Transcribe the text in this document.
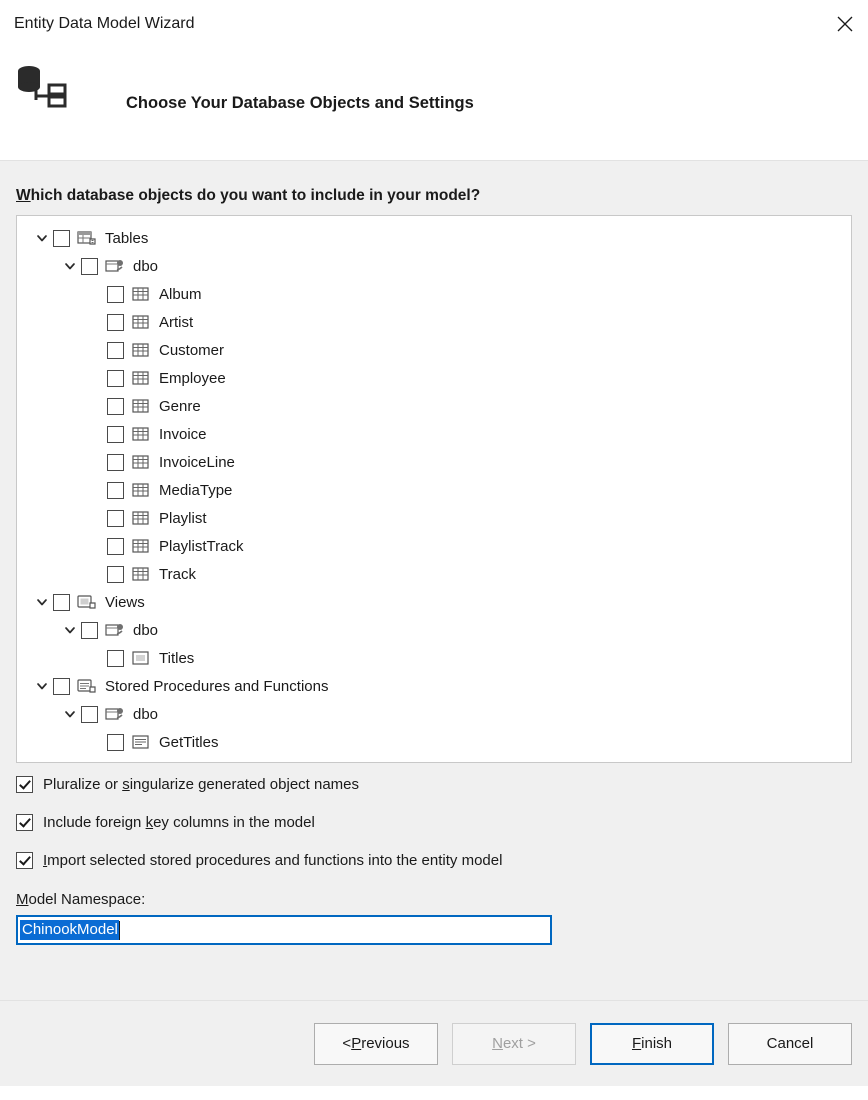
Entity Data Model Wizard
Choose Your Database Objects and Settings
Which database objects do you want to include in your model?
Tables
dbo
Album
Artist
Customer
Employee
Genre
Invoice
InvoiceLine
MediaType
Playlist
PlaylistTrack
Track
Views
dbo
Titles
Stored Procedures and Functions
dbo
GetTitles
Pluralize or singularize generated object names
Include foreign key columns in the model
Import selected stored procedures and functions into the entity model
Model Namespace:
ChinookModel
< P revious	N ext >	F inish	Cancel
